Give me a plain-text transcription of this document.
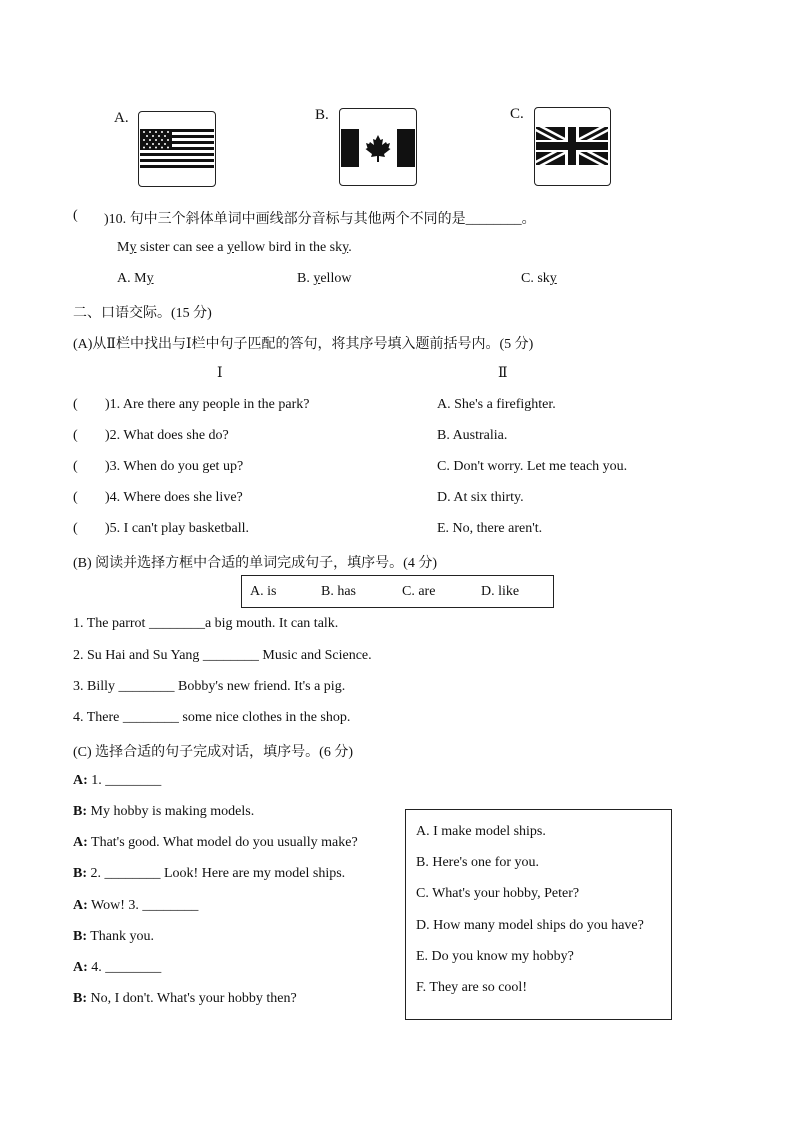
A.	B.	C.
( )10. 句中三个斜体单词中画线部分音标与其他两个不同的是________。
My sister can see a yellow bird in the sky.
A. My	B. yellow	C. sky
二、口语交际。(15 分)
(A)从Ⅱ栏中找出与Ⅰ栏中句子匹配的答句，将其序号填入题前括号内。(5 分)
Ⅰ	Ⅱ
( )1. Are there any people in the park?	A. She's a firefighter.
( )2. What does she do?	B. Australia.
( )3. When do you get up?	C. Don't worry. Let me teach you.
( )4. Where does she live?	D. At six thirty.
( )5. I can't play basketball.	E. No, there aren't.
(B) 阅读并选择方框中合适的单词完成句子，填序号。(4 分)
A. is	B. has	C. are	D. like
1. The parrot ________a big mouth. It can talk.
2. Su Hai and Su Yang ________ Music and Science.
3. Billy ________ Bobby's new friend. It's a pig.
4. There ________ some nice clothes in the shop.
(C) 选择合适的句子完成对话，填序号。(6 分)
A: 1. ________
B: My hobby is making models.
A: That's good. What model do you usually make?
B: 2. ________ Look! Here are my model ships.
A: Wow! 3. ________
B: Thank you.
A: 4. ________
B: No, I don't. What's your hobby then?
A. I make model ships.
B. Here's one for you.
C. What's your hobby, Peter?
D. How many model ships do you have?
E. Do you know my hobby?
F. They are so cool!
